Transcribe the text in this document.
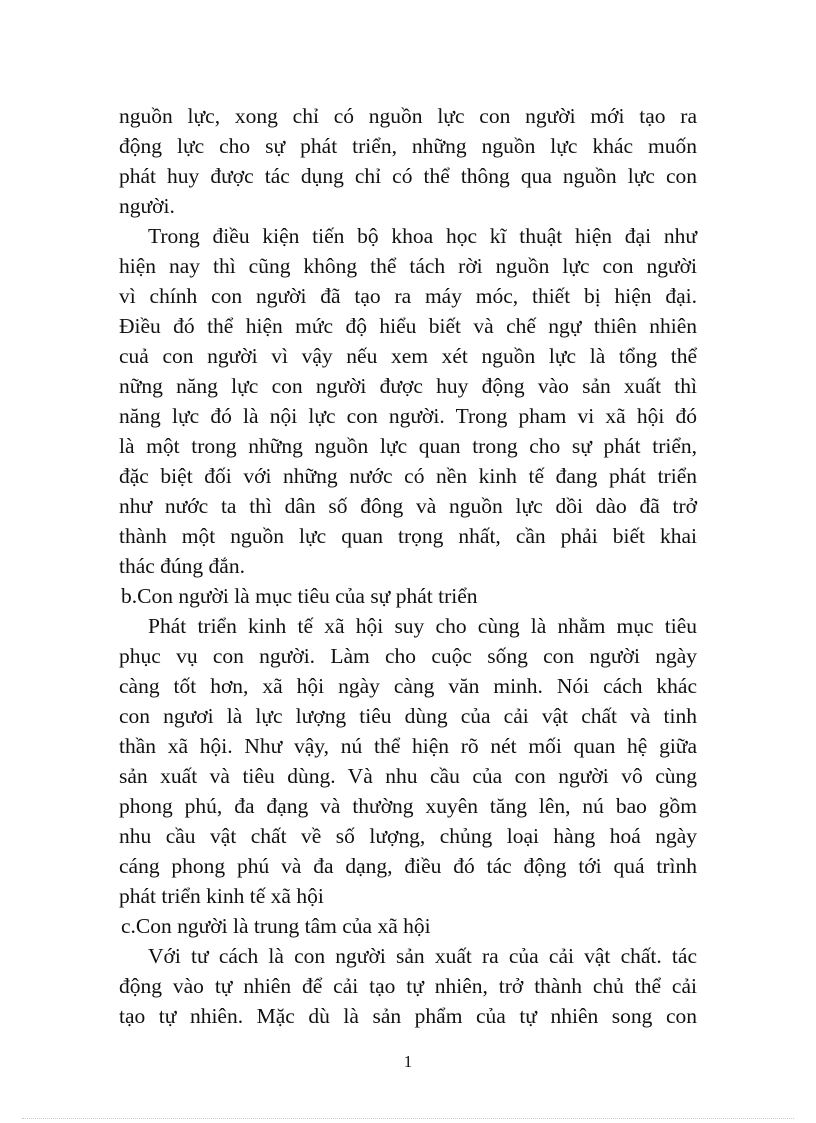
nguồn lực, xong chỉ có nguồn lực con người mới tạo ra
động lực cho sự phát triển, những nguồn lực khác muốn
phát huy được tác dụng chỉ có thể thông qua nguồn lực con
người.
Trong điều kiện tiến bộ khoa học kĩ thuật hiện đại như
hiện nay thì cũng không thể tách rời nguồn lực con người
vì chính con người đã tạo ra máy móc, thiết bị hiện đại.
Điều đó thể hiện mức độ hiểu biết và chế ngự thiên nhiên
cuả con người vì vậy nếu xem xét nguồn lực là tổng thể
nững năng lực con người được huy động vào sản xuất thì
năng lực đó là nội lực con người. Trong pham vi xã hội đó
là một trong những nguồn lực quan trong cho sự phát triển,
đặc biệt đối với những nước có nền kinh tế đang phát triển
như nước ta thì dân số đông và nguồn lực dồi dào đã trở
thành một nguồn lực quan trọng nhất, cần phải biết khai
thác đúng đắn.
b.Con người là mục tiêu của sự phát triển
Phát triển kinh tế xã hội suy cho cùng là nhằm mục tiêu
phục vụ con người. Làm cho cuộc sống con người ngày
càng tốt hơn, xã hội ngày càng văn minh. Nói cách khác
con ngươi là lực lượng tiêu dùng của cải vật chất và tinh
thần xã hội. Như vậy, nú thể hiện rõ nét mối quan hệ giữa
sản xuất và tiêu dùng. Và nhu cầu của con người vô cùng
phong phú, đa đạng và thường xuyên tăng lên, nú bao gồm
nhu cầu vật chất về số lượng, chủng loại hàng hoá ngày
cáng phong phú và đa dạng, điều đó tác động tới quá trình
phát triển kinh tế xã hội
c.Con người là trung tâm của xã hội
Với tư cách là con người sản xuất ra của cải vật chất. tác
động vào tự nhiên để cải tạo tự nhiên, trở thành chủ thể cải
tạo tự nhiên. Mặc dù là sản phẩm của tự nhiên song con
1
